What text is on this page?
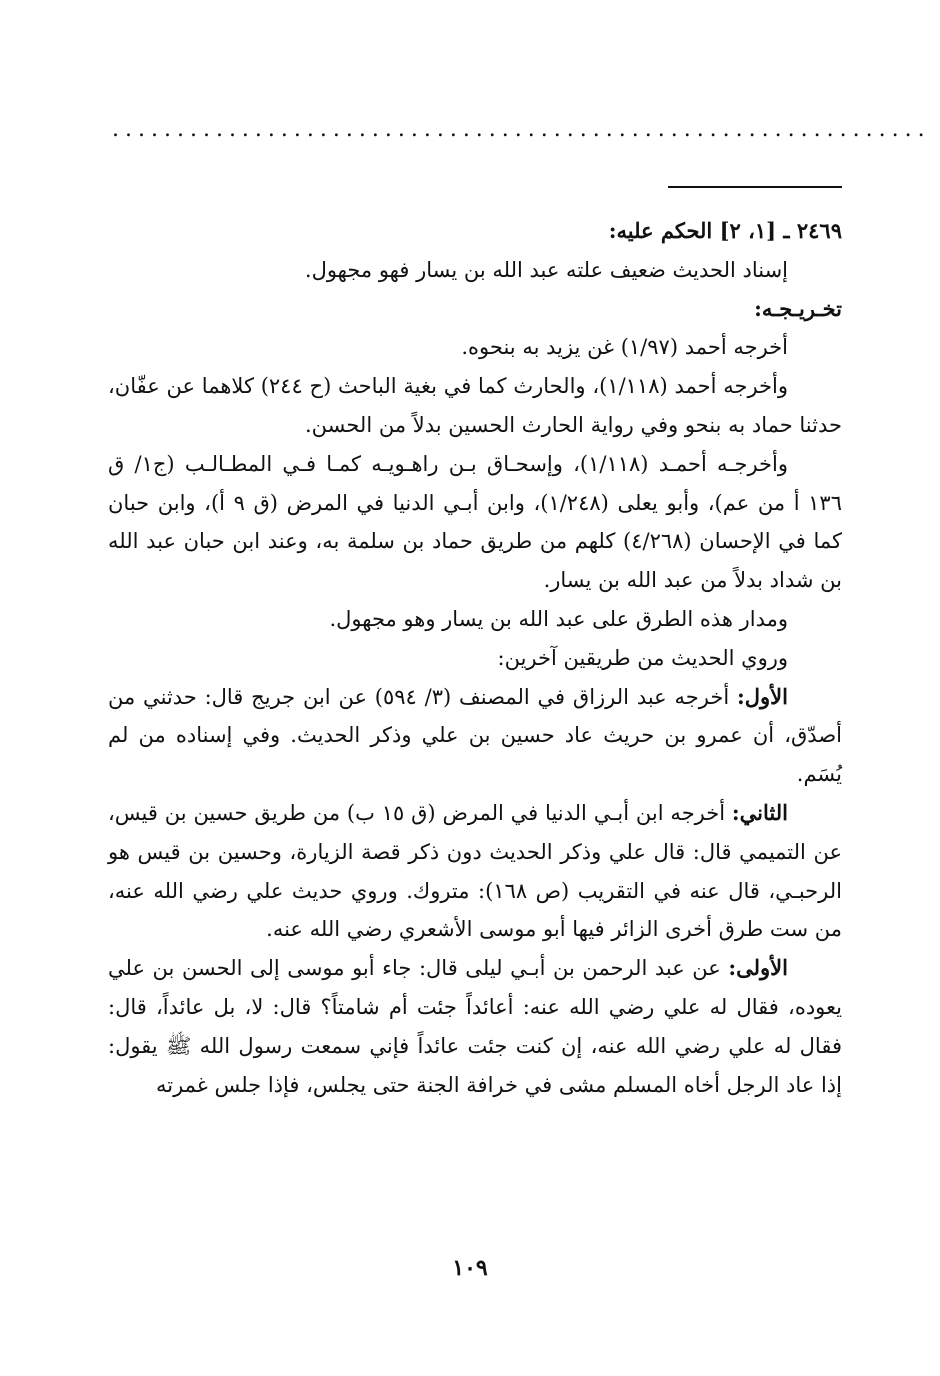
...............................................................

٢٤٦٩ ـ [١، ٢] الحكم عليه:

إسناد الحديث ضعيف علته عبد الله بن يسار فهو مجهول.

تخـريـجـه:

أخرجه أحمد (١/٩٧) غن يزيد به بنحوه.

وأخرجه أحمد (١/١١٨)، والحارث كما في بغية الباحث (ح ٢٤٤) كلاهما عن عفّان، حدثنا حماد به بنحو وفي رواية الحارث الحسين بدلاً من الحسن.

وأخرجـه أحمـد (١/١١٨)، وإسحـاق بـن راهـويـه كمـا فـي المطـالـب (ج١/ ق ١٣٦ أ من عم)، وأبو يعلى (١/٢٤٨)، وابن أبـي الدنيا في المرض (ق ٩ أ)، وابن حبان كما في الإحسان (٤/٢٦٨) كلهم من طريق حماد بن سلمة به، وعند ابن حبان عبد الله بن شداد بدلاً من عبد الله بن يسار.

ومدار هذه الطرق على عبد الله بن يسار وهو مجهول.

وروي الحديث من طريقين آخرين:

الأول: أخرجه عبد الرزاق في المصنف (٣/ ٥٩٤) عن ابن جريج قال: حدثني من أصدّق، أن عمرو بن حريث عاد حسين بن علي وذكر الحديث. وفي إسناده من لم يُسَم.

الثاني: أخرجه ابن أبـي الدنيا في المرض (ق ١٥ ب) من طريق حسين بن قيس، عن التميمي قال: قال علي وذكر الحديث دون ذكر قصة الزيارة، وحسين بن قيس هو الرحبـي، قال عنه في التقريب (ص ١٦٨): متروك. وروي حديث علي رضي الله عنه، من ست طرق أخرى الزائر فيها أبو موسى الأشعري رضي الله عنه.

الأولى: عن عبد الرحمن بن أبـي ليلى قال: جاء أبو موسى إلى الحسن بن علي يعوده، فقال له علي رضي الله عنه: أعائداً جئت أم شامتاً؟ قال: لا، بل عائداً، قال: فقال له علي رضي الله عنه، إن كنت جئت عائداً فإني سمعت رسول الله ﷺ يقول: إذا عاد الرجل أخاه المسلم مشى في خرافة الجنة حتى يجلس، فإذا جلس غمرته

١٠٩
